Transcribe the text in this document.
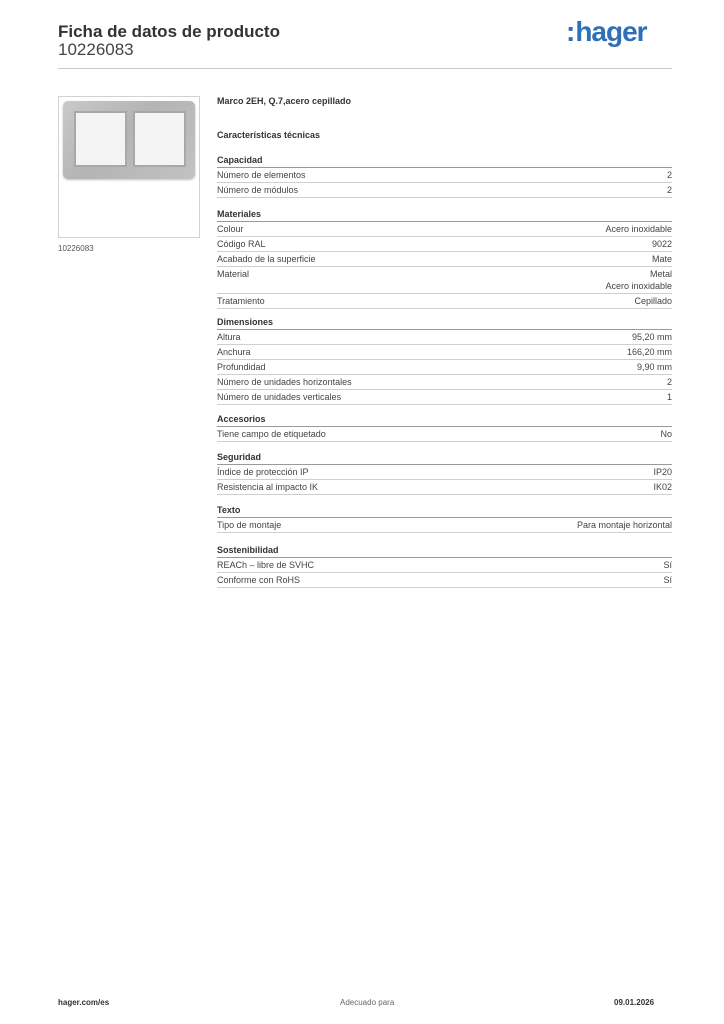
Ficha de datos de producto
10226083
:hager
10226083
Marco 2EH, Q.7,acero cepillado
Características técnicas
Capacidad
Número de elementos	2
Número de módulos	2
Materiales
Colour	Acero inoxidable
Código RAL	9022
Acabado de la superficie	Mate
Material	Metal
Acero inoxidable
Tratamiento	Cepillado
Dimensiones
Altura	95,20 mm
Anchura	166,20 mm
Profundidad	9,90 mm
Número de unidades horizontales	2
Número de unidades verticales	1
Accesorios
Tiene campo de etiquetado	No
Seguridad
Índice de protección IP	IP20
Resistencia al impacto IK	IK02
Texto
Tipo de montaje	Para montaje horizontal
Sostenibilidad
REACh – libre de SVHC	Sí
Conforme con RoHS	Sí
hager.com/es	Adecuado para	09.01.2026
